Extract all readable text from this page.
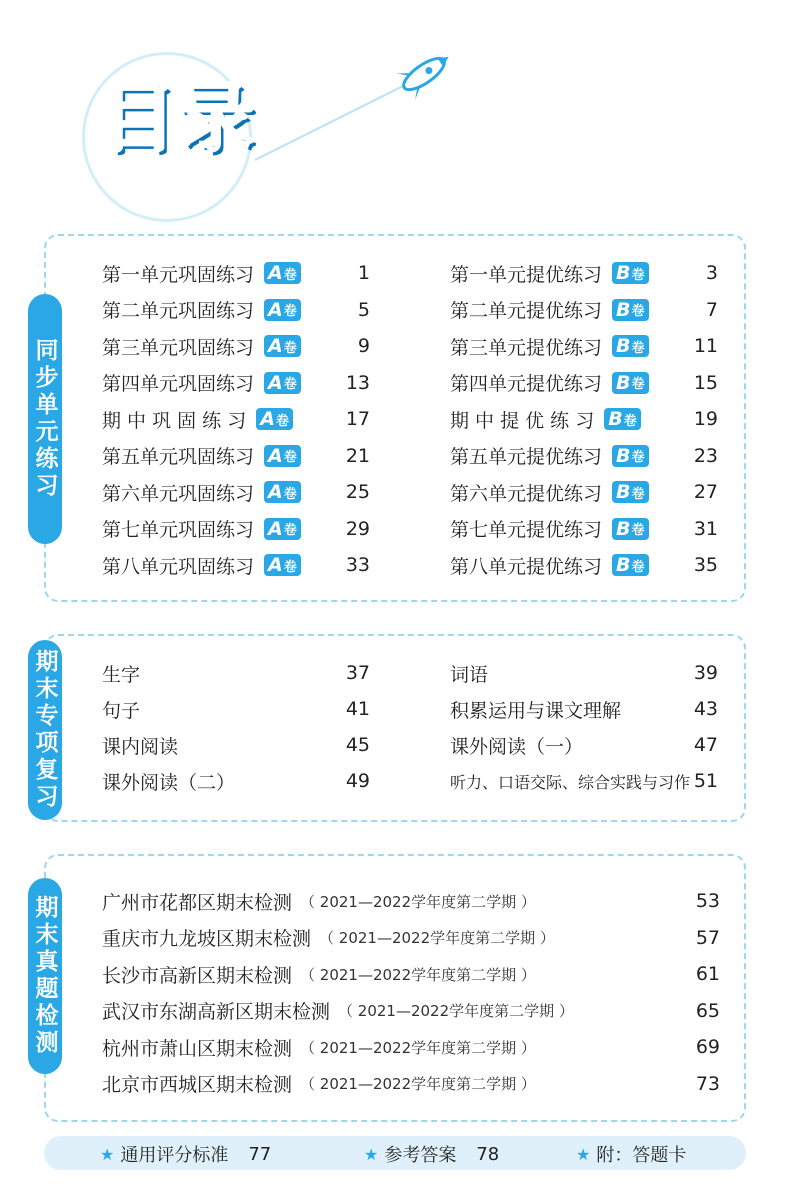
目录
同步单元练习
第一单元巩固练习 A 卷	1
第二单元巩固练习 A 卷	5
第三单元巩固练习 A 卷	9
第四单元巩固练习 A 卷	13
期 中 巩 固 练 习 A 卷	17
第五单元巩固练习 A 卷	21
第六单元巩固练习 A 卷	25
第七单元巩固练习 A 卷	29
第八单元巩固练习 A 卷	33
第一单元提优练习 B 卷	3
第二单元提优练习 B 卷	7
第三单元提优练习 B 卷	11
第四单元提优练习 B 卷	15
期 中 提 优 练 习 B 卷	19
第五单元提优练习 B 卷	23
第六单元提优练习 B 卷	27
第七单元提优练习 B 卷	31
第八单元提优练习 B 卷	35
期末专项复习 生字	37
句子	41
课内阅读	45
课外阅读（二）	49
词语	39
积累运用与课文理解	43
课外阅读（一）	47
听力、口语交际、综合实践与习作 51
期末真题检测 广州市花都区期末检测 （ 2021—2022学年度第二学期 ）	53
重庆市九龙坡区期末检测 （ 2021—2022学年度第二学期 ）	57
长沙市高新区期末检测 （ 2021—2022学年度第二学期 ）	61
武汉市东湖高新区期末检测 （ 2021—2022学年度第二学期 ）	65
杭州市萧山区期末检测 （ 2021—2022学年度第二学期 ）	69
北京市西城区期末检测 （ 2021—2022学年度第二学期 ）	73
★ 通用评分标准 77	★ 参考答案 78	★ 附：答题卡
